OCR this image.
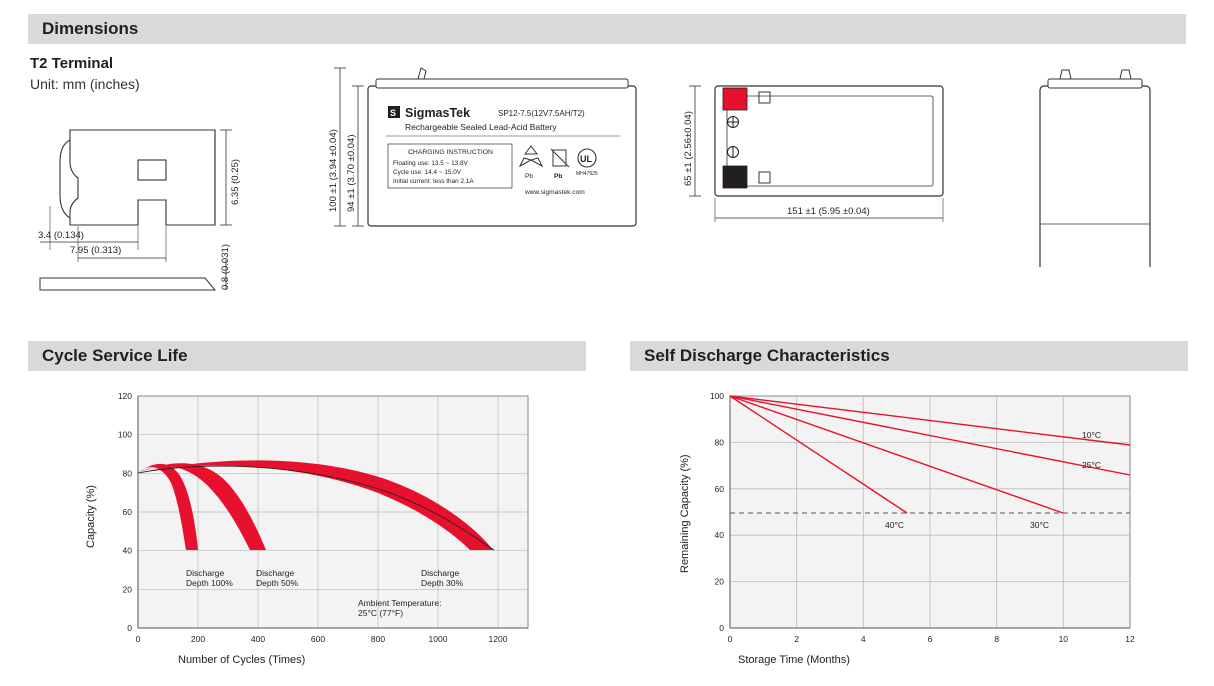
Dimensions
T2 Terminal
Unit: mm (inches)
6.35 (0.25)
3.4 (0.134)
7.95 (0.313)	0.8 (0.031)
100 ±1 (3.94 ±0.04) 94 ±1 (3.70 ±0.04)
S SigmasTek	SP12-7.5(12V7.5AH/T2)
Rechargeable Sealed Lead-Acid Battery
CHARGING INSTRUCTION
Floating use: 13.5 ~ 13.8V
Cycle use: 14.4 ~ 15.0V
Initial current: less than 2.1A
Pb	Pb
UL
MH47925
www.sigmastek.com
65 ±1 (2.56±0.04)
151 ±1 (5.95 ±0.04)
Cycle Service Life
Discharge
Depth 100%
Discharge
Depth 50%
Discharge
Depth 30%
Ambient Temperature:
25°C (77°F)
120
100
80
60
40
20
0
0	200	400	600	800	1000	1200
Capacity (%)
Number of Cycles (Times)
Self Discharge Characteristics
10°C
25°C
30°C
40°C
100
80
60
40
20
0
0	2	4	6	8	10	12
Remaining Capacity (%)
Storage Time (Months)
